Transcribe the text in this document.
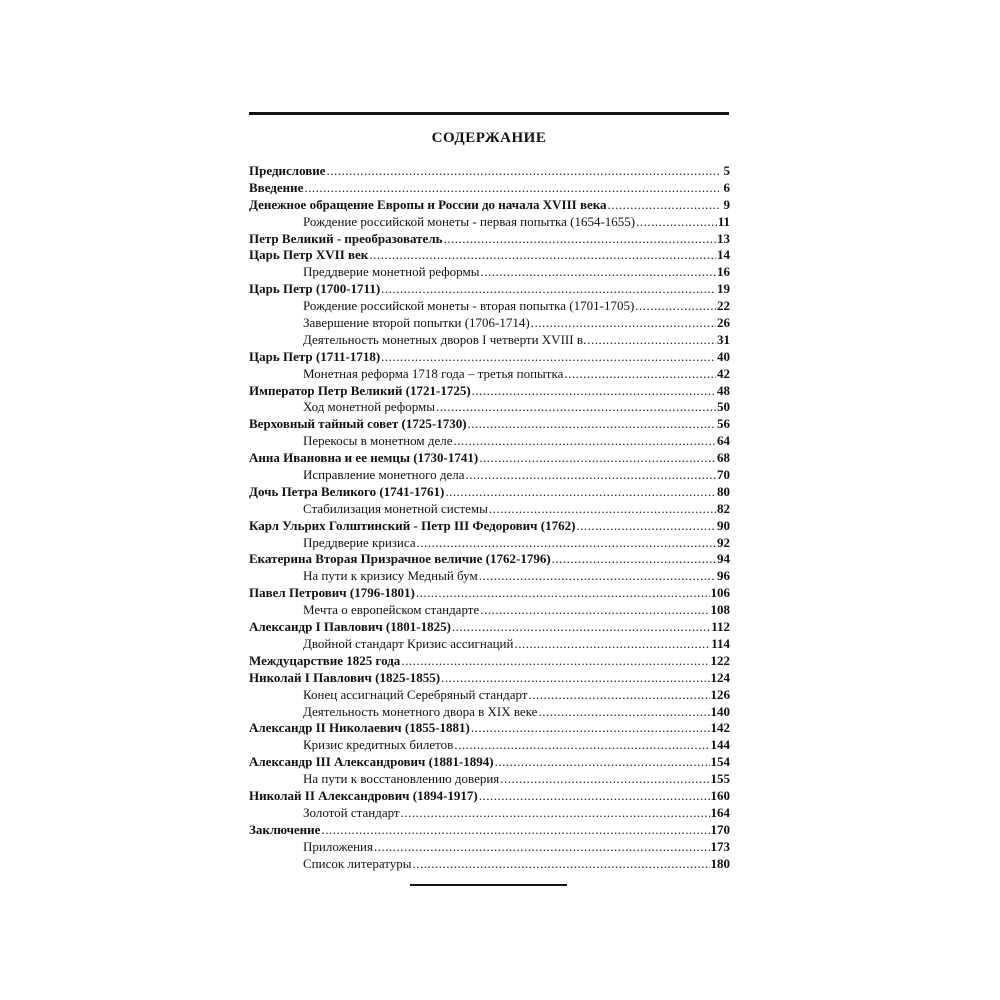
СОДЕРЖАНИЕ
Предисловие .....	5
Введение .....	6
Денежное обращение Европы и России до начала XVIII века .....	9
Рождение российской монеты - первая попытка (1654-1655) .....	11
Петр Великий - преобразователь .....	13
Царь Петр XVII век .....	14
Преддверие монетной реформы .....	16
Царь Петр (1700-1711) .....	19
Рождение российской монеты - вторая попытка (1701-1705) .....	22
Завершение второй попытки (1706-1714) .....	26
Деятельность монетных дворов I четверти XVIII в. .....	31
Царь Петр (1711-1718) .....	40
Монетная реформа 1718 года – третья попытка .....	42
Император Петр Великий (1721-1725) .....	48
Ход монетной реформы .....	50
Верховный тайный совет (1725-1730) .....	56
Перекосы в монетном деле .....	64
Анна Ивановна и ее немцы (1730-1741) .....	68
Исправление монетного дела .....	70
Дочь Петра Великого (1741-1761) .....	80
Стабилизация монетной системы .....	82
Карл Ульрих Голштинский - Петр III Федорович (1762) .....	90
Преддверие кризиса .....	92
Екатерина Вторая Призрачное величие (1762-1796) .....	94
На пути к кризису Медный бум .....	96
Павел Петрович (1796-1801) .....	106
Мечта о европейском стандарте .....	108
Александр I Павлович (1801-1825) .....	112
Двойной стандарт Кризис ассигнаций .....	114
Междуцарствие 1825 года .....	122
Николай I Павлович (1825-1855) .....	124
Конец ассигнаций Серебряный стандарт .....	126
Деятельность монетного двора в XIX веке .....	140
Александр II Николаевич (1855-1881) .....	142
Кризис кредитных билетов .....	144
Александр III Александрович (1881-1894) .....	154
На пути к восстановлению доверия .....	155
Николай II Александрович (1894-1917) .....	160
Золотой стандарт .....	164
Заключение .....	170
Приложения .....	173
Список литературы .....	180
